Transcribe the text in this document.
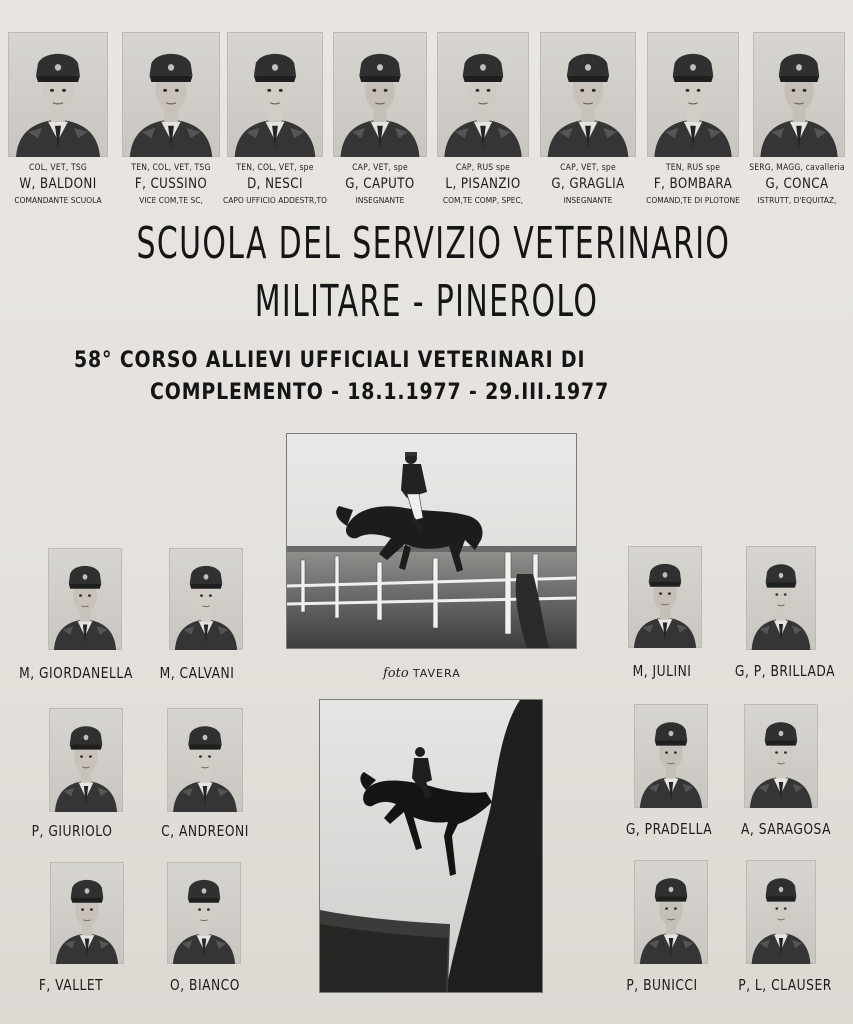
COL, VET, TSG
W, BALDONI
COMANDANTE SCUOLA
TEN, COL, VET, TSG
F, CUSSINO
VICE COM,TE SC,
TEN, COL, VET, spe
D, NESCI
CAPO UFFICIO ADDESTR,TO
CAP, VET, spe
G, CAPUTO
INSEGNANTE
CAP, RUS spe
L, PISANZIO
COM,TE COMP, SPEC,
CAP, VET, spe
G, GRAGLIA
INSEGNANTE
TEN, RUS spe
F, BOMBARA
COMAND,TE DI PLOTONE
SERG, MAGG, cavalleria
G, CONCA
ISTRUTT, D'EQUITAZ,
SCUOLA DEL SERVIZIO VETERINARIO
MILITARE - PINEROLO
58° CORSO ALLIEVI UFFICIALI VETERINARI DI
COMPLEMENTO - 18.1.1977 - 29.III.1977
foto TAVERA
M, GIORDANELLA	M, CALVANI	M, JULINI	G, P, BRILLADA
P, GIURIOLO	C, ANDREONI	G, PRADELLA	A, SARAGOSA
F, VALLET	O, BIANCO	P, BUNICCI	P, L, CLAUSER
